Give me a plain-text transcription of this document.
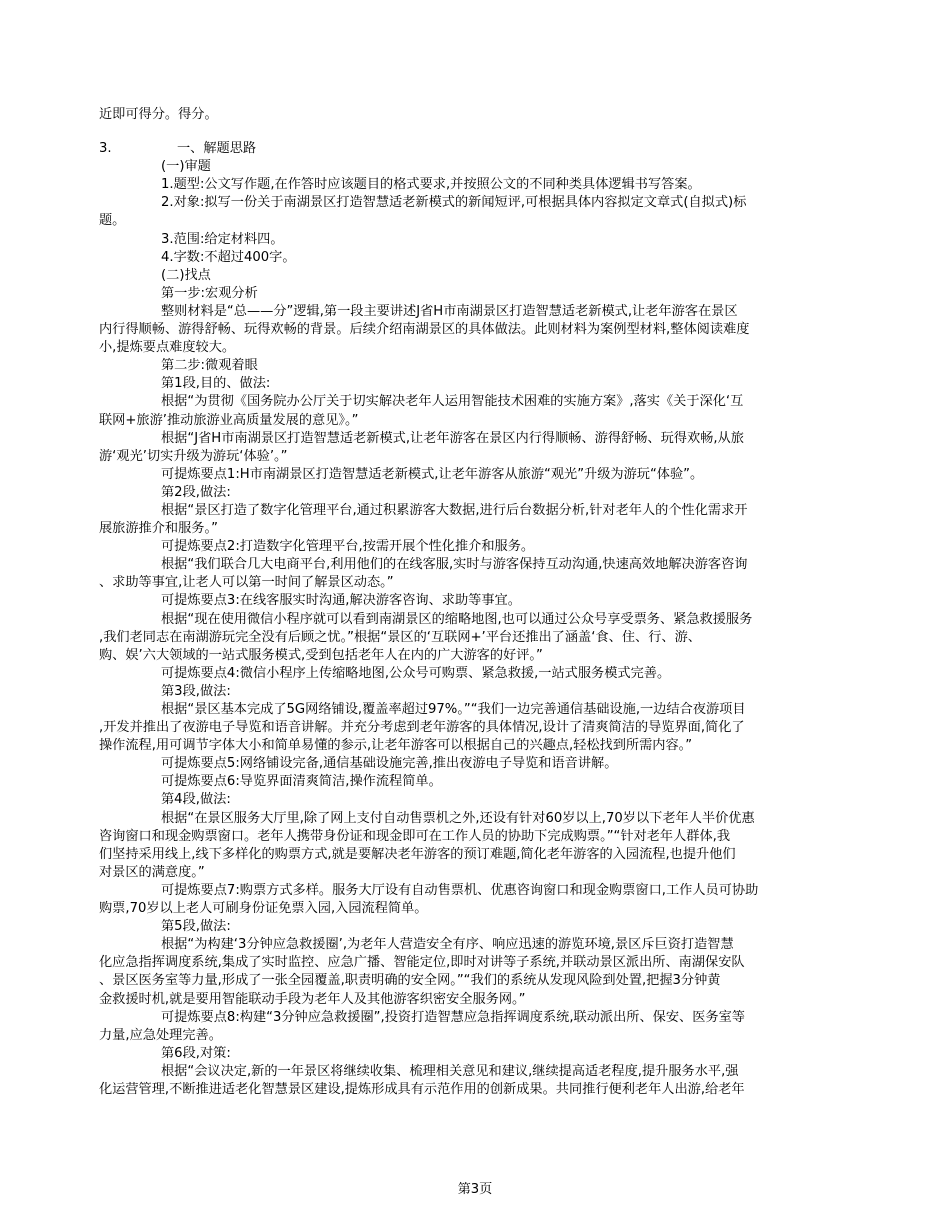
近即可得分。得分。

3.	一、解题思路

(一)审题

1.题型:公文写作题,在作答时应该题目的格式要求,并按照公文的不同种类具体逻辑书写答案。

2.对象:拟写一份关于南湖景区打造智慧适老新模式的新闻短评,可根据具体内容拟定文章式(自拟式)标

题。

3.范围:给定材料四。

4.字数:不超过400字。

(二)找点

第一步:宏观分析

整则材料是“总——分”逻辑,第一段主要讲述J省H市南湖景区打造智慧适老新模式,让老年游客在景区

内行得顺畅、游得舒畅、玩得欢畅的背景。后续介绍南湖景区的具体做法。此则材料为案例型材料,整体阅读难度

小,提炼要点难度较大。

第二步:微观着眼

第1段,目的、做法:

根据“为贯彻《国务院办公厅关于切实解决老年人运用智能技术困难的实施方案》,落实《关于深化‘互

联网+旅游’推动旅游业高质量发展的意见》。”

根据“J省H市南湖景区打造智慧适老新模式,让老年游客在景区内行得顺畅、游得舒畅、玩得欢畅,从旅

游‘观光’切实升级为游玩‘体验’。”

可提炼要点1:H市南湖景区打造智慧适老新模式,让老年游客从旅游“观光”升级为游玩“体验”。

第2段,做法:

根据“景区打造了数字化管理平台,通过积累游客大数据,进行后台数据分析,针对老年人的个性化需求开

展旅游推介和服务。”

可提炼要点2:打造数字化管理平台,按需开展个性化推介和服务。

根据“我们联合几大电商平台,利用他们的在线客服,实时与游客保持互动沟通,快速高效地解决游客咨询

、求助等事宜,让老人可以第一时间了解景区动态。”

可提炼要点3:在线客服实时沟通,解决游客咨询、求助等事宜。

根据“现在使用微信小程序就可以看到南湖景区的缩略地图,也可以通过公众号享受票务、紧急救援服务

,我们老同志在南湖游玩完全没有后顾之忧。”根据“景区的‘互联网+’平台还推出了涵盖‘食、住、行、游、

购、娱’六大领域的一站式服务模式,受到包括老年人在内的广大游客的好评。”

可提炼要点4:微信小程序上传缩略地图,公众号可购票、紧急救援,一站式服务模式完善。

第3段,做法:

根据“景区基本完成了5G网络铺设,覆盖率超过97%。”“我们一边完善通信基础设施,一边结合夜游项目

,开发并推出了夜游电子导览和语音讲解。并充分考虑到老年游客的具体情况,设计了清爽简洁的导览界面,简化了

操作流程,用可调节字体大小和简单易懂的参示,让老年游客可以根据自己的兴趣点,轻松找到所需内容。”

可提炼要点5:网络铺设完备,通信基础设施完善,推出夜游电子导览和语音讲解。

可提炼要点6:导览界面清爽简洁,操作流程简单。

第4段,做法:

根据“在景区服务大厅里,除了网上支付自动售票机之外,还设有针对60岁以上,70岁以下老年人半价优惠

咨询窗口和现金购票窗口。老年人携带身份证和现金即可在工作人员的协助下完成购票。”“针对老年人群体,我

们坚持采用线上,线下多样化的购票方式,就是要解决老年游客的预订难题,简化老年游客的入园流程,也提升他们

对景区的满意度。”

可提炼要点7:购票方式多样。服务大厅设有自动售票机、优惠咨询窗口和现金购票窗口,工作人员可协助

购票,70岁以上老人可刷身份证免票入园,入园流程简单。

第5段,做法:

根据“为构建‘3分钟应急救援圈’,为老年人营造安全有序、响应迅速的游览环境,景区斥巨资打造智慧

化应急指挥调度系统,集成了实时监控、应急广播、智能定位,即时对讲等子系统,并联动景区派出所、南湖保安队

、景区医务室等力量,形成了一张全园覆盖,职责明确的安全网。”“我们的系统从发现风险到处置,把握3分钟黄

金救援时机,就是要用智能联动手段为老年人及其他游客织密安全服务网。”

可提炼要点8:构建“3分钟应急救援圈”,投资打造智慧应急指挥调度系统,联动派出所、保安、医务室等

力量,应急处理完善。

第6段,对策:

根据“会议决定,新的一年景区将继续收集、梳理相关意见和建议,继续提高适老程度,提升服务水平,强

化运营管理,不断推进适老化智慧景区建设,提炼形成具有示范作用的创新成果。共同推行便利老年人出游,给老年

第3页
